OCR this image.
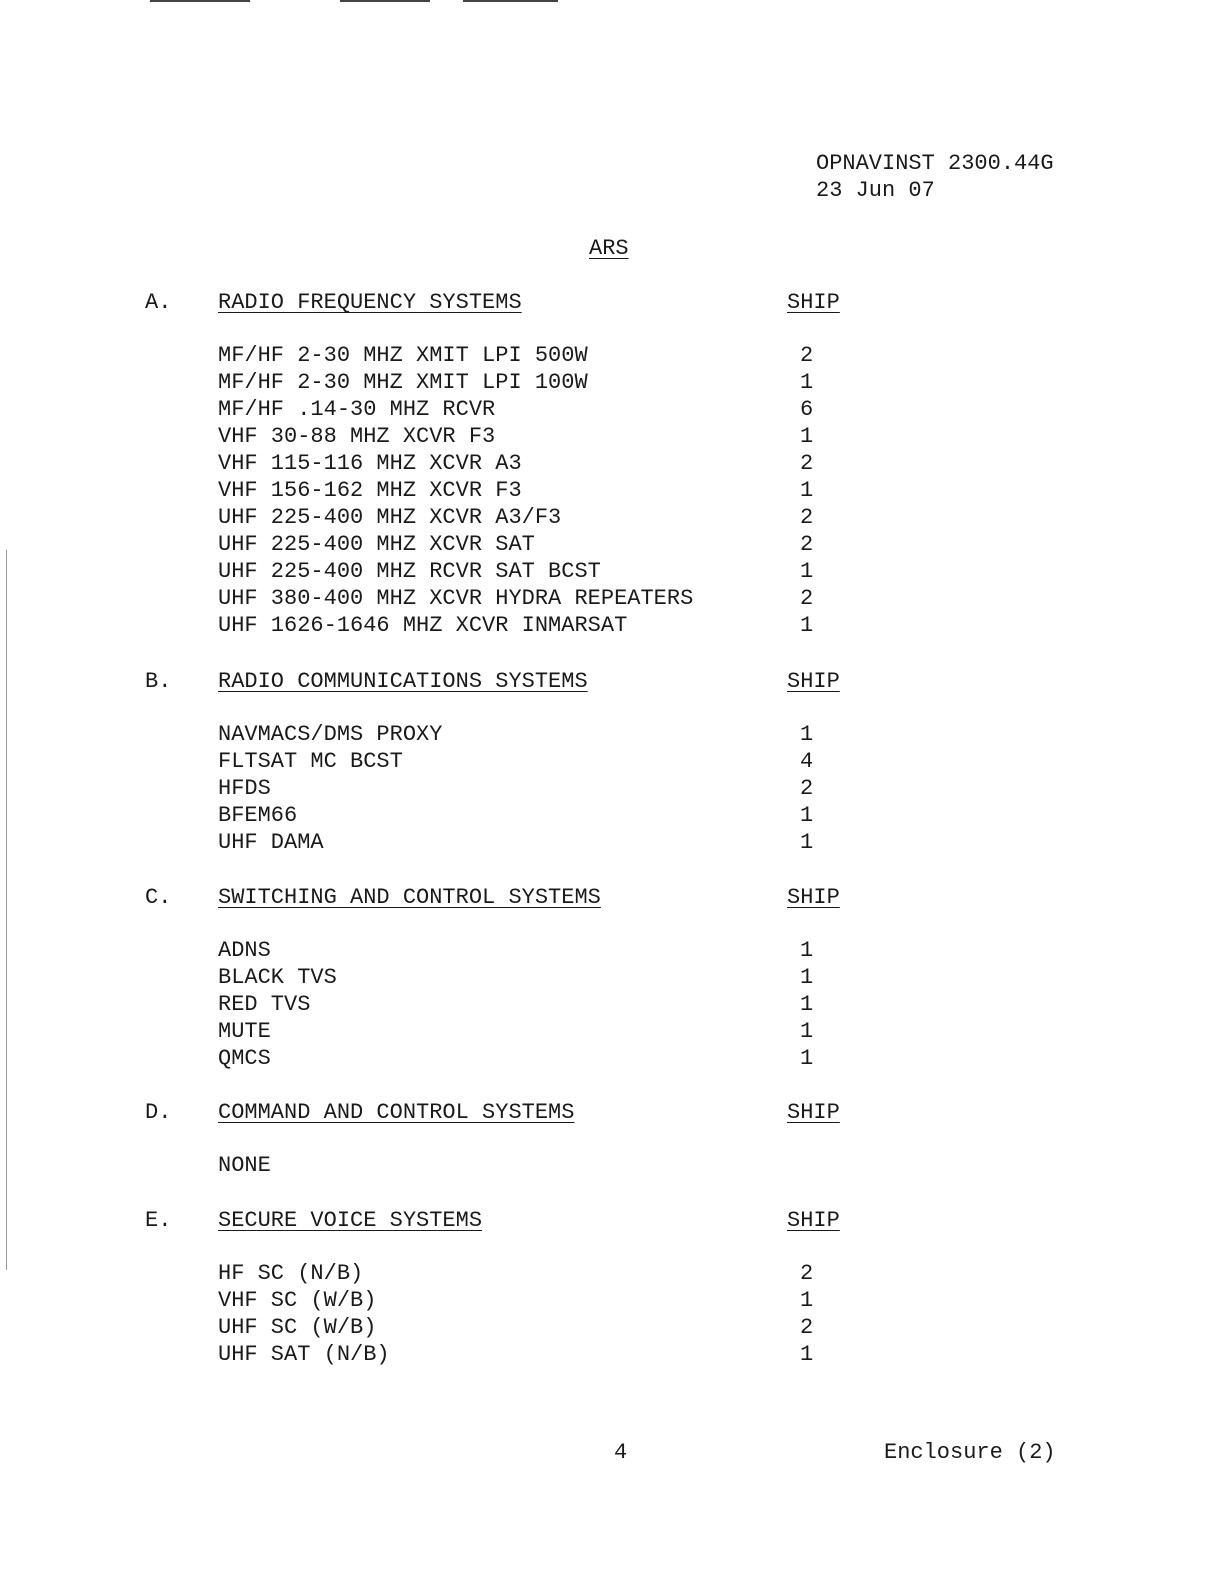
OPNAVINST 2300.44G
23 Jun 07
ARS
A. RADIO FREQUENCY SYSTEMS	SHIP
MF/HF 2-30 MHZ XMIT LPI 500W	2
MF/HF 2-30 MHZ XMIT LPI 100W	1
MF/HF .14-30 MHZ RCVR	6
VHF 30-88 MHZ XCVR F3	1
VHF 115-116 MHZ XCVR A3	2
VHF 156-162 MHZ XCVR F3	1
UHF 225-400 MHZ XCVR A3/F3	2
UHF 225-400 MHZ XCVR SAT	2
UHF 225-400 MHZ RCVR SAT BCST	1
UHF 380-400 MHZ XCVR HYDRA REPEATERS	2
UHF 1626-1646 MHZ XCVR INMARSAT	1
B. RADIO COMMUNICATIONS SYSTEMS	SHIP
NAVMACS/DMS PROXY	1
FLTSAT MC BCST	4
HFDS	2
BFEM66	1
UHF DAMA	1
C. SWITCHING AND CONTROL SYSTEMS	SHIP
ADNS	1
BLACK TVS	1
RED TVS	1
MUTE	1
QMCS	1
D. COMMAND AND CONTROL SYSTEMS	SHIP
NONE
E. SECURE VOICE SYSTEMS	SHIP
HF SC (N/B)	2
VHF SC (W/B)	1
UHF SC (W/B)	2
UHF SAT (N/B)	1
4	Enclosure (2)
